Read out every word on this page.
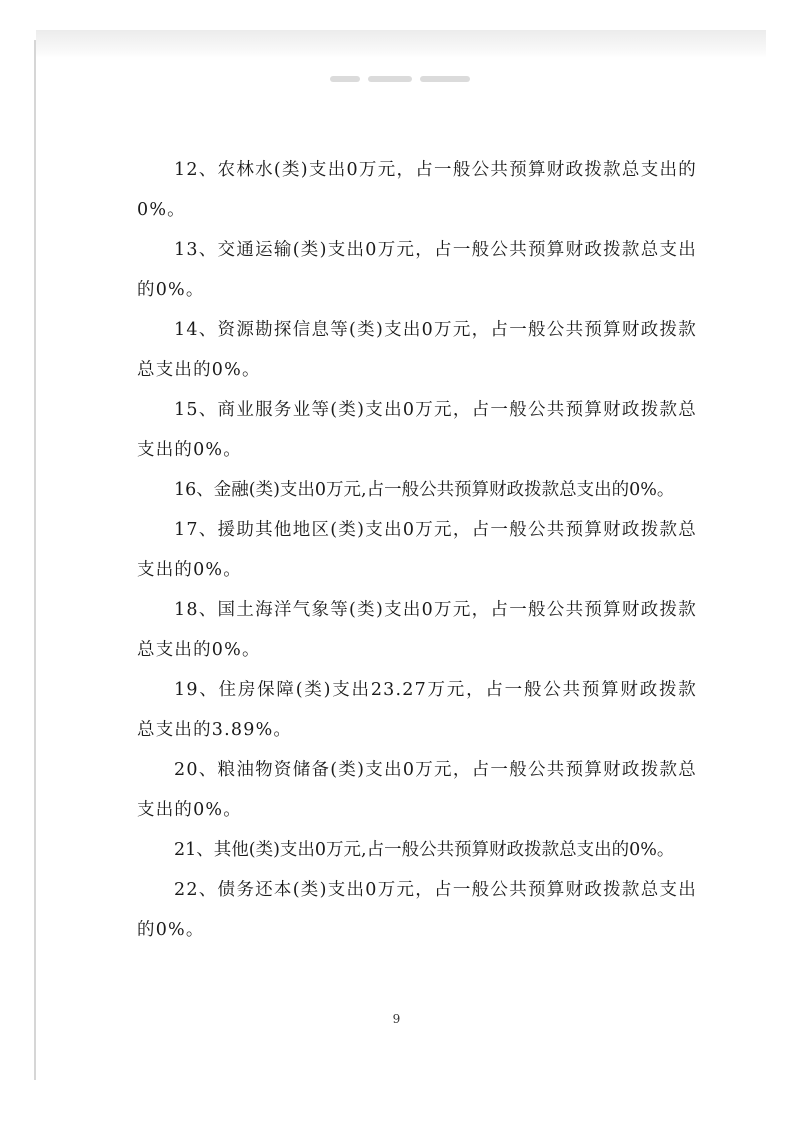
12、农林水(类)支出0万元，占一般公共预算财政拨款总支出的0%。

13、交通运输(类)支出0万元，占一般公共预算财政拨款总支出的0%。

14、资源勘探信息等(类)支出0万元，占一般公共预算财政拨款总支出的0%。

15、商业服务业等(类)支出0万元，占一般公共预算财政拨款总支出的0%。

16、金融(类)支出0万元,占一般公共预算财政拨款总支出的0%。

17、援助其他地区(类)支出0万元，占一般公共预算财政拨款总支出的0%。

18、国土海洋气象等(类)支出0万元，占一般公共预算财政拨款总支出的0%。

19、住房保障(类)支出23.27万元，占一般公共预算财政拨款总支出的3.89%。

20、粮油物资储备(类)支出0万元，占一般公共预算财政拨款总支出的0%。

21、其他(类)支出0万元,占一般公共预算财政拨款总支出的0%。

22、债务还本(类)支出0万元，占一般公共预算财政拨款总支出的0%。

9
